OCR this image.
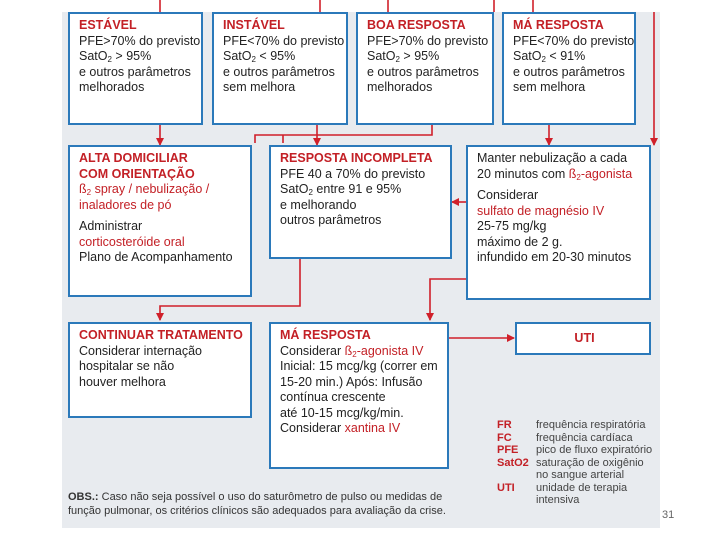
ESTÁVEL
PFE>70% do previsto
SatO$_2$ > 95%
e outros parâmetros
melhorados
INSTÁVEL
PFE<70% do previsto
SatO$_2$ < 95%
e outros parâmetros
sem melhora
BOA RESPOSTA
PFE>70% do previsto
SatO$_2$ > 95%
e outros parâmetros
melhorados
MÁ RESPOSTA
PFE<70% do previsto
SatO$_2$ < 91%
e outros parâmetros
sem melhora
ALTA DOMICILIAR
COM ORIENTAÇÃO
$ß_2$ spray / nebulização /
inaladores de pó
Administrar
corticosteróide oral
Plano de Acompanhamento
RESPOSTA INCOMPLETA
PFE 40 a 70% do previsto
SatO$_2$ entre 91 e 95%
e melhorando
outros parâmetros
Manter nebulização a cada
20 minutos com $ß_2$-agonista
Considerar
sulfato de magnésio IV
25-75 mg/kg
máximo de 2 g.
infundido em 20-30 minutos
CONTINUAR TRATAMENTO
Considerar internação
hospitalar se não
houver melhora
MÁ RESPOSTA
Considerar $ß_2$-agonista IV
Inicial: 15 mcg/kg (correr em
15-20 min.) Após: Infusão
contínua crescente
até 10-15 mcg/kg/min.
Considerar xantina IV
UTI
FR	frequência respiratória
FC	frequência cardíaca
PFE	pico de fluxo expiratório
SatO2 saturação de oxigênio no sangue arterial
UTI	unidade de terapia intensiva
OBS.: Caso não seja possível o uso do saturômetro de pulso ou medidas de função pulmonar, os critérios clínicos são adequados para avaliação da crise.	31
